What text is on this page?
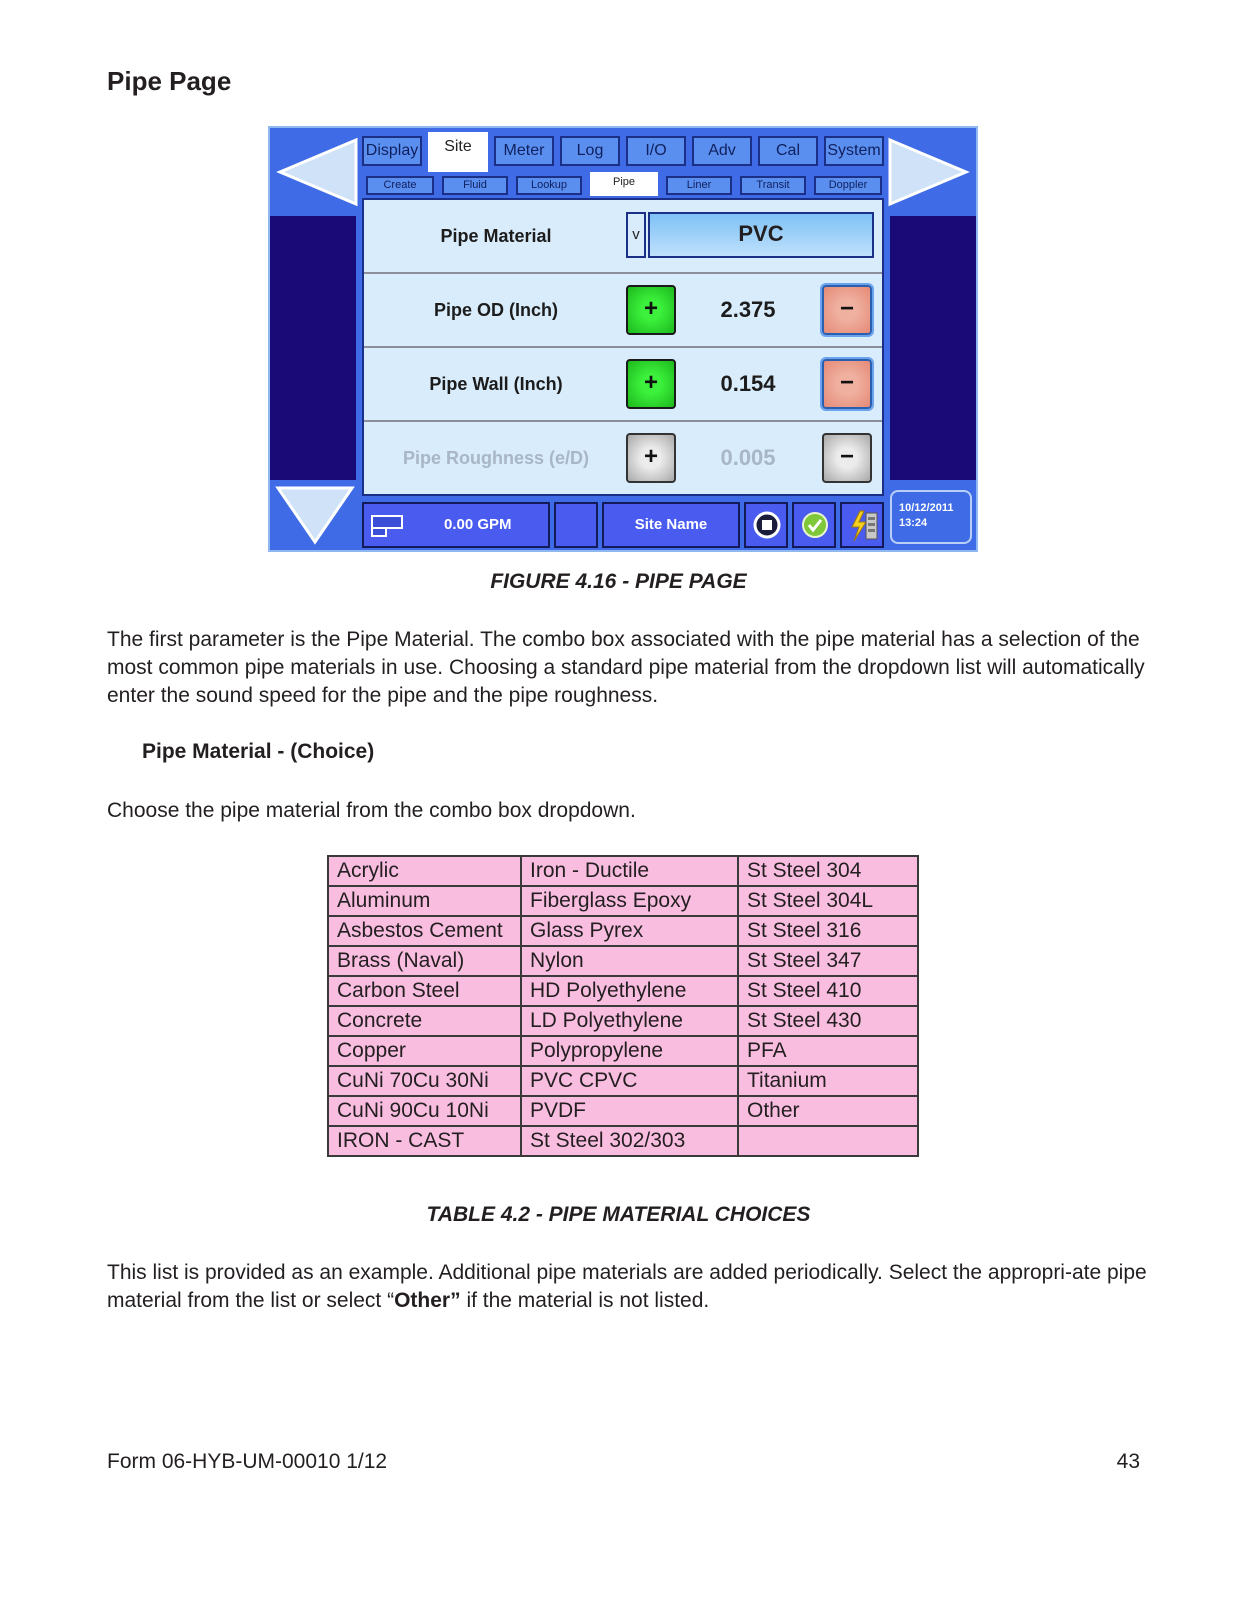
Pipe Page
Display	Site	Meter	Log	I/O	Adv	Cal	System
Create	Fluid	Lookup	Pipe	Liner	Transit	Doppler
Pipe Material	v	PVC
Pipe OD (Inch)	+	2.375	−
Pipe Wall (Inch)	+	0.154	−
Pipe Roughness (e/D)	+	0.005	−
0.00 GPM	Site Name
10/12/2011
13:24
FIGURE 4.16 - PIPE PAGE
The first parameter is the Pipe Material. The combo box associated with the pipe material has a selection of the most common pipe materials in use. Choosing a standard pipe material from the dropdown list will automatically enter the sound speed for the pipe and the pipe roughness.
Pipe Material - (Choice)
Choose the pipe material from the combo box dropdown.
Acrylic	Iron - Ductile	St Steel 304
Aluminum	Fiberglass Epoxy	St Steel 304L
Asbestos Cement	Glass Pyrex	St Steel 316
Brass (Naval)	Nylon	St Steel 347
Carbon Steel	HD Polyethylene	St Steel 410
Concrete	LD Polyethylene	St Steel 430
Copper	Polypropylene	PFA
CuNi 70Cu 30Ni	PVC CPVC	Titanium
CuNi 90Cu 10Ni	PVDF	Other
IRON - CAST	St Steel 302/303	
TABLE 4.2 - PIPE MATERIAL CHOICES
This list is provided as an example. Additional pipe materials are added periodically. Select the appropri-ate pipe material from the list or select “Other” if the material is not listed.
Form 06-HYB-UM-00010 1/12	43
